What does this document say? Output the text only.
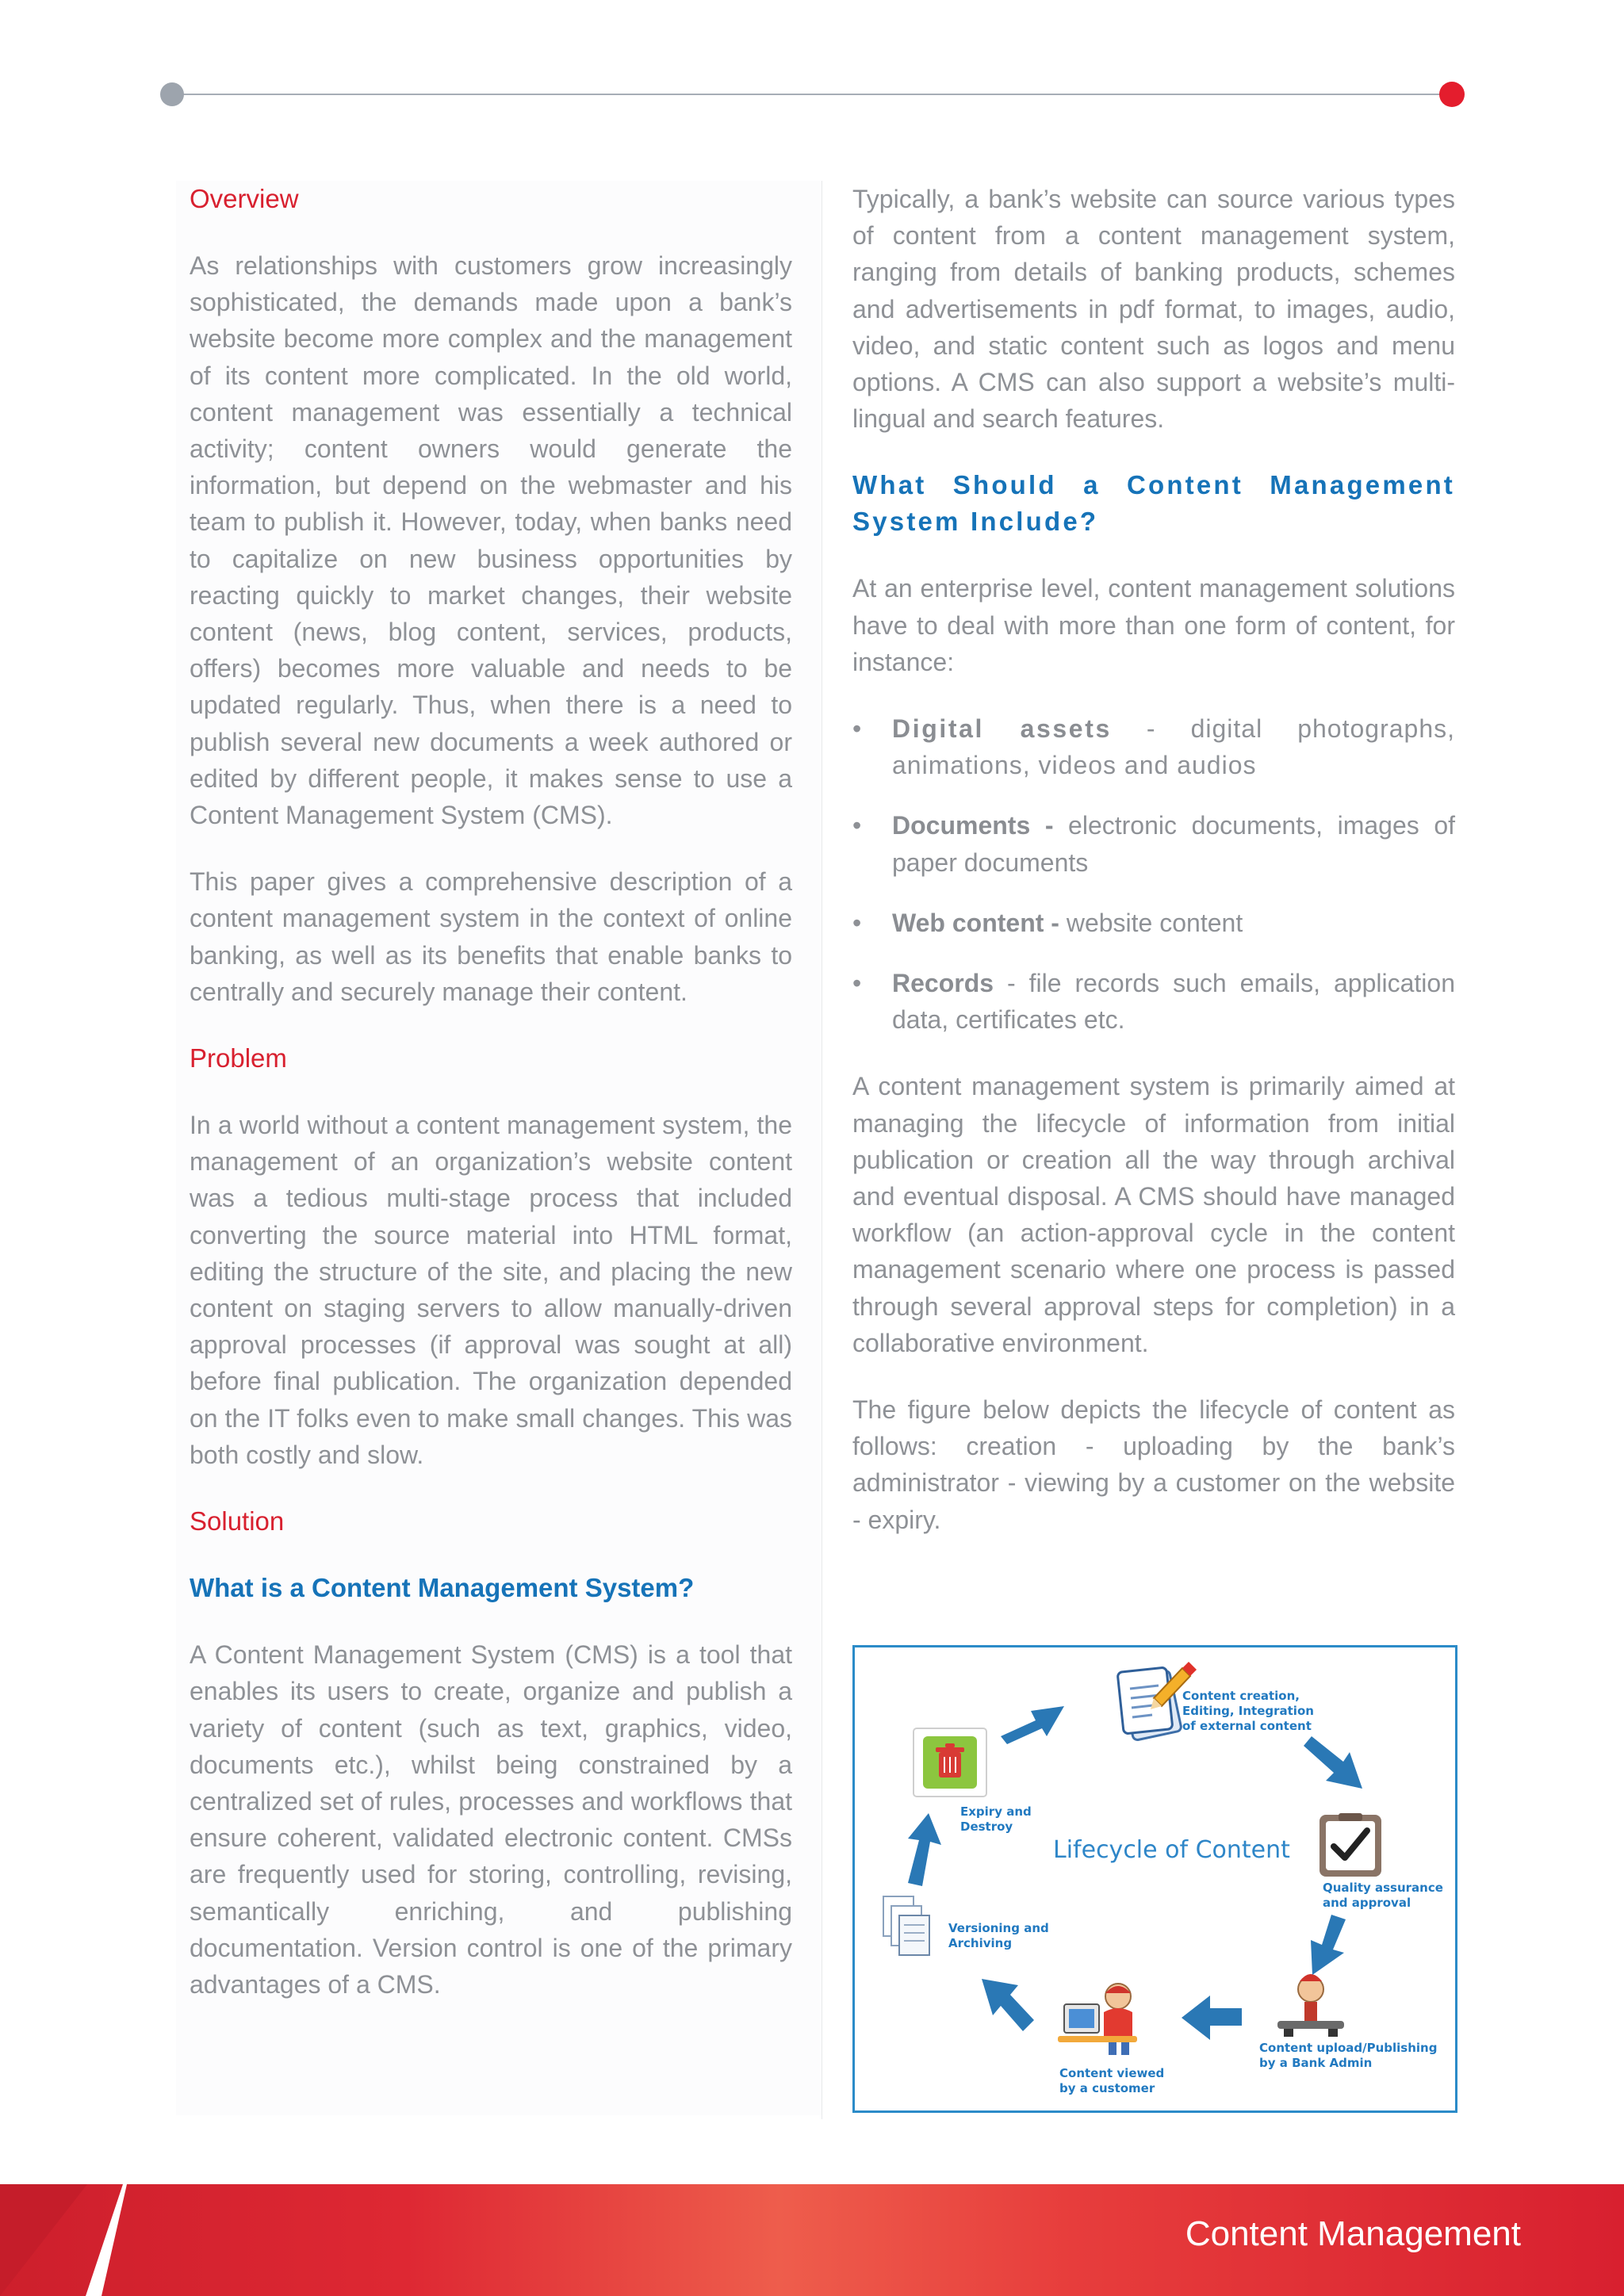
Overview

As relationships with customers grow increasingly sophisticated, the demands made upon a bank’s website become more complex and the management of its content more complicated. In the old world, content management was essentially a technical activity; content owners would generate the information, but depend on the webmaster and his team to publish it. However, today, when banks need to capitalize on new business opportunities by reacting quickly to market changes, their website content (news, blog content, services, products, offers) becomes more valuable and needs to be updated regularly. Thus, when there is a need to publish several new documents a week authored or edited by different people, it makes sense to use a Content Management System (CMS).

This paper gives a comprehensive description of a content management system in the context of online banking, as well as its benefits that enable banks to centrally and securely manage their content.

Problem

In a world without a content management system, the management of an organization’s website content was a tedious multi-stage process that included converting the source material into HTML format, editing the structure of the site, and placing the new content on staging servers to allow manually-driven approval processes (if approval was sought at all) before final publication. The organization depended on the IT folks even to make small changes. This was both costly and slow.

Solution
What is a Content Management System?

A Content Management System (CMS) is a tool that enables its users to create, organize and publish a variety of content (such as text, graphics, video, documents etc.), whilst being constrained by a centralized set of rules, processes and workflows that ensure coherent, validated electronic content. CMSs are frequently used for storing, controlling, revising, semantically enriching, and publishing documentation. Version control is one of the primary advantages of a CMS.

Typically, a bank’s website can source various types of content from a content management system, ranging from details of banking products, schemes and advertisements in pdf format, to images, audio, video, and static content such as logos and menu options. A CMS can also support a website’s multi-lingual and search features.

What Should a Content Management System Include?

At an enterprise level, content management solutions have to deal with more than one form of content, for instance:

• Digital assets - digital photographs, animations, videos and audios
• Documents - electronic documents, images of paper documents
• Web content - website content
• Records - file records such emails, application data, certificates etc.

A content management system is primarily aimed at managing the lifecycle of information from initial publication or creation all the way through archival and eventual disposal. A CMS should have managed workflow (an action-approval cycle in the content management scenario where one process is passed through several approval steps for completion) in a collaborative environment.

The figure below depicts the lifecycle of content as follows: creation - uploading by the bank’s administrator - viewing by a customer on the website - expiry.

Lifecycle of Content
Content creation,
Editing, Integration
of external content
Quality assurance
and approval
Content upload/Publishing
by a Bank Admin
Content viewed
by a customer
Versioning and
Archiving
Expiry and
Destroy
Content Management
